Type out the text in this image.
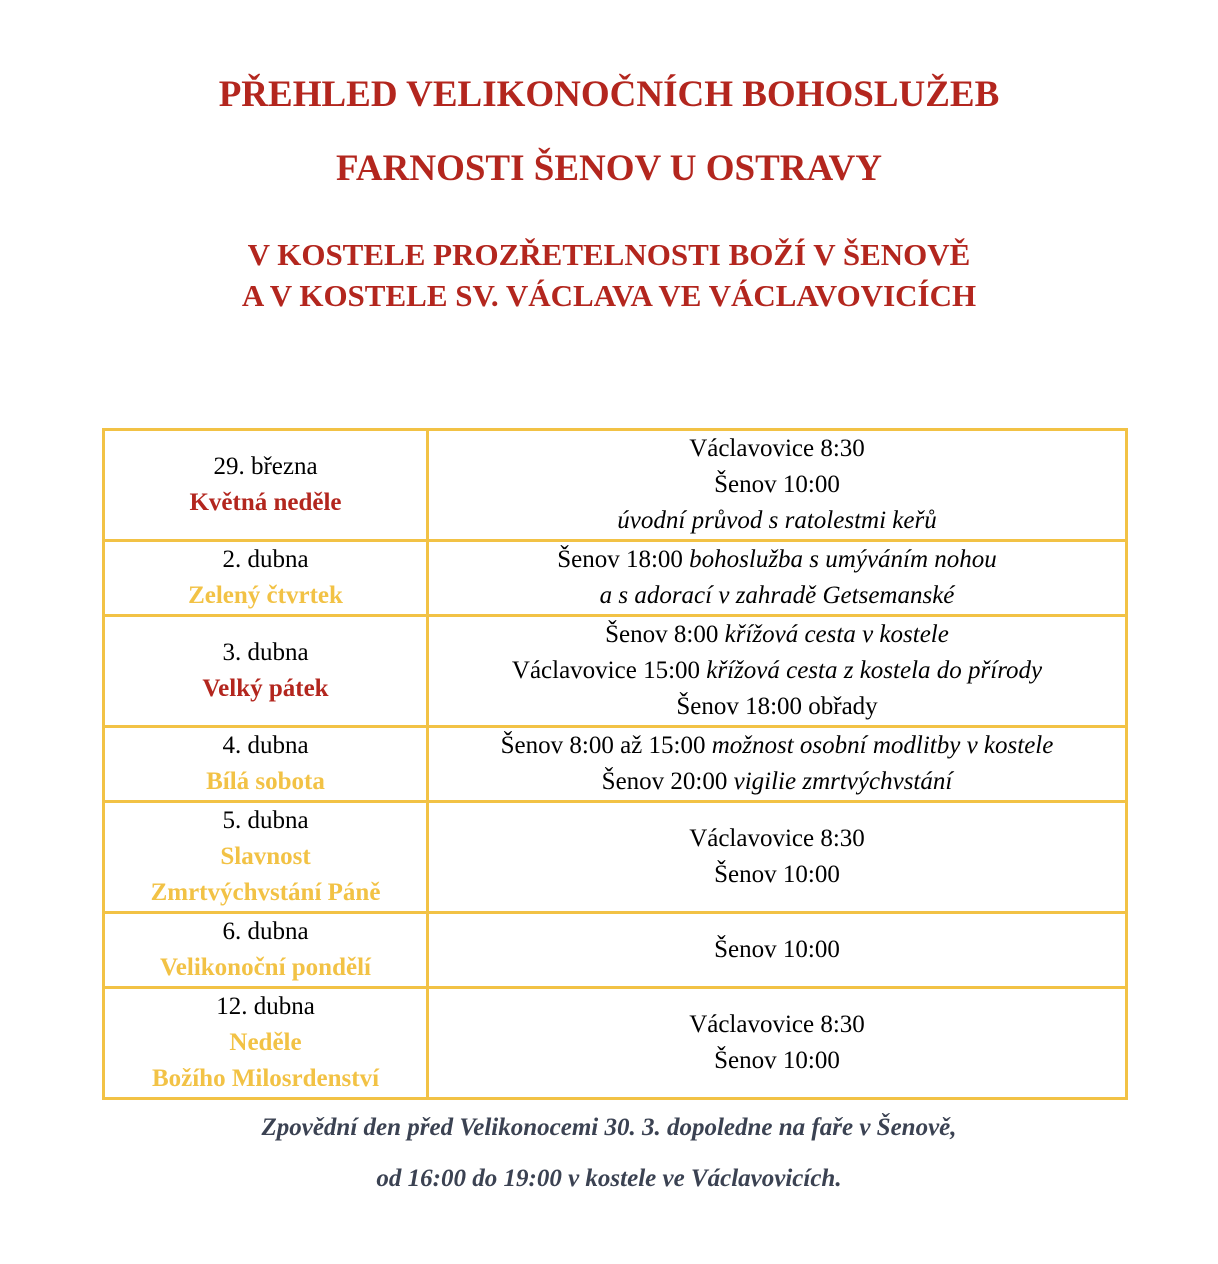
PŘEHLED VELIKONOČNÍCH BOHOSLUŽEB
FARNOSTI ŠENOV U OSTRAVY
V KOSTELE PROZŘETELNOSTI BOŽÍ V ŠENOVĚ
A V KOSTELE SV. VÁCLAVA VE VÁCLAVOVICÍCH
29. března
Květná neděle	Václavovice 8:30
Šenov 10:00
úvodní průvod s ratolestmi keřů

2. dubna
Zelený čtvrtek	Šenov 18:00 bohoslužba s umýváním nohou
a s adorací v zahradě Getsemanské

3. dubna
Velký pátek	Šenov 8:00 křížová cesta v kostele
Václavovice 15:00 křížová cesta z kostela do přírody
Šenov 18:00 obřady

4. dubna
Bílá sobota	Šenov 8:00 až 15:00 možnost osobní modlitby v kostele
Šenov 20:00 vigilie zmrtvýchvstání

5. dubna
Slavnost
Zmrtvýchvstání Páně	Václavovice 8:30
Šenov 10:00

6. dubna
Velikonoční pondělí	Šenov 10:00

12. dubna
Neděle
Božího Milosrdenství	Václavovice 8:30
Šenov 10:00
Zpovědní den před Velikonocemi 30. 3. dopoledne na faře v Šenově,
od 16:00 do 19:00 v kostele ve Václavovicích.
